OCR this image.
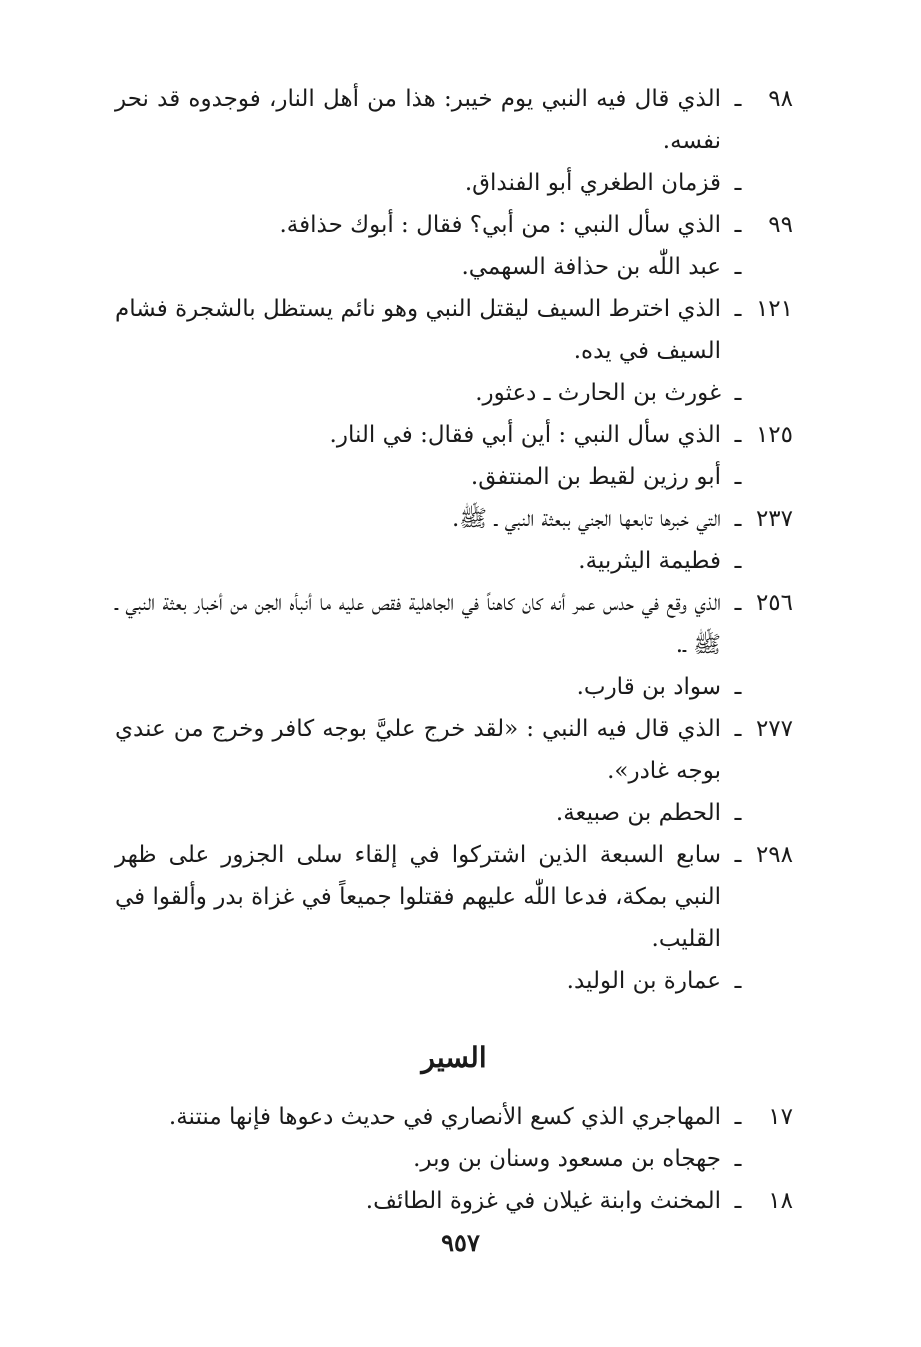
٩٨
ـ
الذي قال فيه النبي يوم خيبر: هذا من أهل النار، فوجدوه قد نحر نفسه.
ـ
قزمان الطغري أبو الفنداق.
٩٩
ـ
الذي سأل النبي : من أبي؟ فقال : أبوك حذافة.
ـ
عبد اللّٰه بن حذافة السهمي.
١٢١
ـ
الذي اخترط السيف ليقتل النبي وهو نائم يستظل بالشجرة فشام السيف في يده.
ـ
غورث بن الحارث ـ دعثور.
١٢٥
ـ
الذي سأل النبي : أين أبي فقال: في النار.
ـ
أبو رزين لقيط بن المنتفق.
٢٣٧
ـ
التي خبرها تابعها الجني ببعثة النبي ـ ﷺ.
ـ
فطيمة اليثربية.
٢٥٦
ـ
الذي وقع في حدس عمر أنه كان كاهناً في الجاهلية فقص عليه ما أنبأه الجن من أخبار بعثة النبي ـ ﷺ ـ.
ـ
سواد بن قارب.
٢٧٧
ـ
الذي قال فيه النبي : «لقد خرج عليَّ بوجه كافر وخرج من عندي بوجه غادر».
ـ
الحطم بن صبيعة.
٢٩٨
ـ
سابع السبعة الذين اشتركوا في إلقاء سلى الجزور على ظهر النبي بمكة، فدعا اللّٰه عليهم فقتلوا جميعاً في غزاة بدر وألقوا في القليب.
ـ
عمارة بن الوليد.
السير
١٧
ـ
المهاجري الذي كسع الأنصاري في حديث دعوها فإنها منتنة.
ـ
جهجاه بن مسعود وسنان بن وبر.
١٨
ـ
المخنث وابنة غيلان في غزوة الطائف.
٩٥٧
